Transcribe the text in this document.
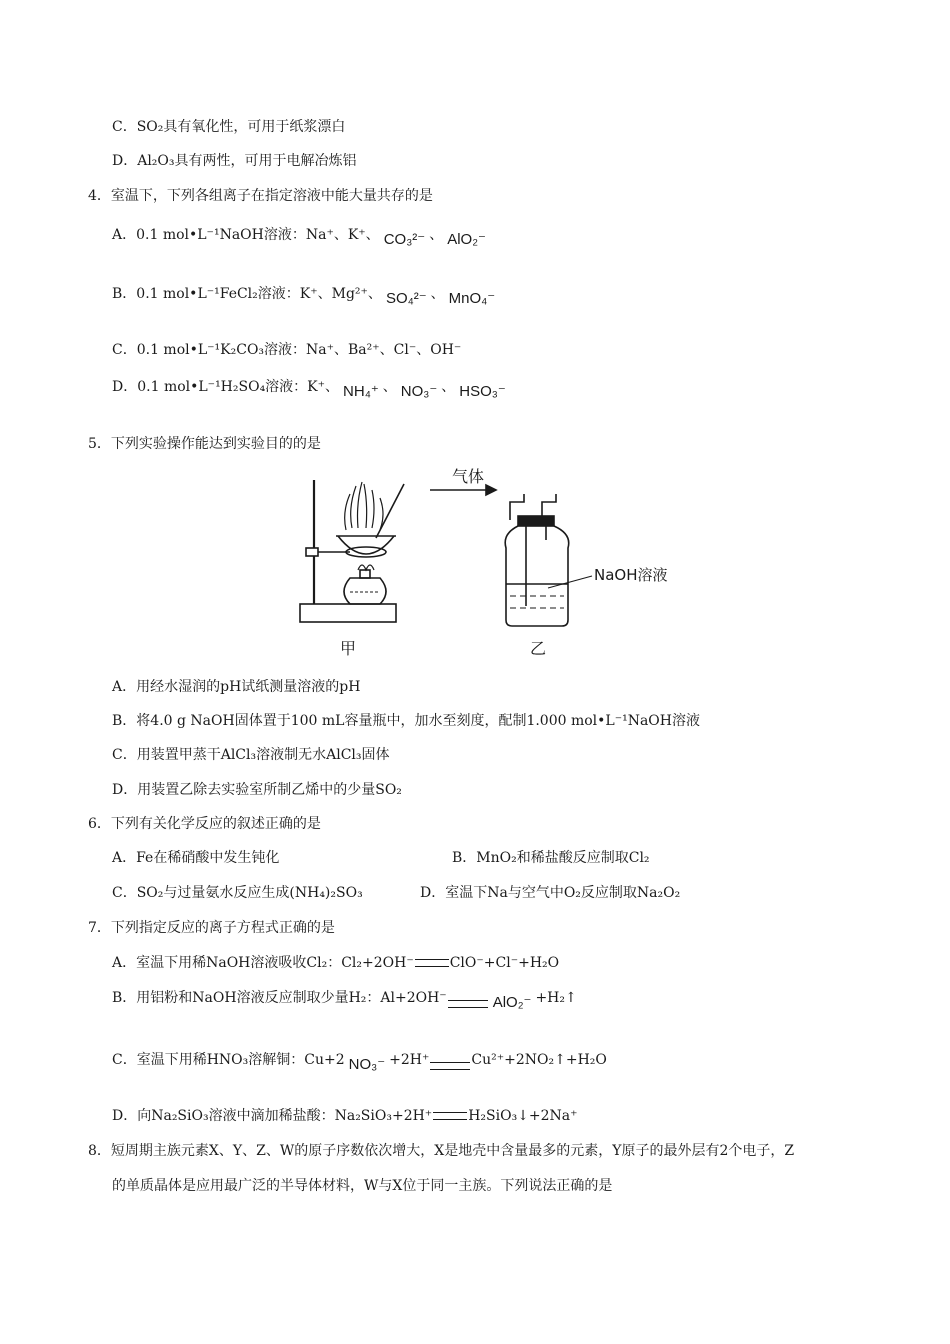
C．SO₂具有氧化性，可用于纸浆漂白
D．Al₂O₃具有两性，可用于电解冶炼铝
4．室温下，下列各组离子在指定溶液中能大量共存的是
A．0.1 mol•L⁻¹NaOH溶液：Na⁺、K⁺、 CO₃²⁻ 、 AlO₂⁻
B．0.1 mol•L⁻¹FeCl₂溶液：K⁺、Mg²⁺、 SO₄²⁻ 、 MnO₄⁻
C．0.1 mol•L⁻¹K₂CO₃溶液：Na⁺、Ba²⁺、Cl⁻、OH⁻
D．0.1 mol•L⁻¹H₂SO₄溶液：K⁺、 NH₄⁺ 、 NO₃⁻ 、 HSO₃⁻
5．下列实验操作能达到实验目的的是
甲
气体
NaOH溶液
乙
A．用经水湿润的pH试纸测量溶液的pH
B．将4.0 g NaOH固体置于100 mL容量瓶中，加水至刻度，配制1.000 mol•L⁻¹NaOH溶液
C．用装置甲蒸干AlCl₃溶液制无水AlCl₃固体
D．用装置乙除去实验室所制乙烯中的少量SO₂
6．下列有关化学反应的叙述正确的是
A．Fe在稀硝酸中发生钝化	B．MnO₂和稀盐酸反应制取Cl₂
C．SO₂与过量氨水反应生成(NH₄)₂SO₃	D．室温下Na与空气中O₂反应制取Na₂O₂
7．下列指定反应的离子方程式正确的是
A．室温下用稀NaOH溶液吸收Cl₂：Cl₂+2OH⁻	ClO⁻+Cl⁻+H₂O
B．用铝粉和NaOH溶液反应制取少量H₂：Al+2OH⁻	AlO₂⁻ +H₂↑
C．室温下用稀HNO₃溶解铜：Cu+2 NO₃⁻ +2H⁺	Cu²⁺+2NO₂↑+H₂O
D．向Na₂SiO₃溶液中滴加稀盐酸：Na₂SiO₃+2H⁺	H₂SiO₃↓+2Na⁺
8．短周期主族元素X、Y、Z、W的原子序数依次增大，X是地壳中含量最多的元素，Y原子的最外层有2个电子，Z
的单质晶体是应用最广泛的半导体材料，W与X位于同一主族。下列说法正确的是
